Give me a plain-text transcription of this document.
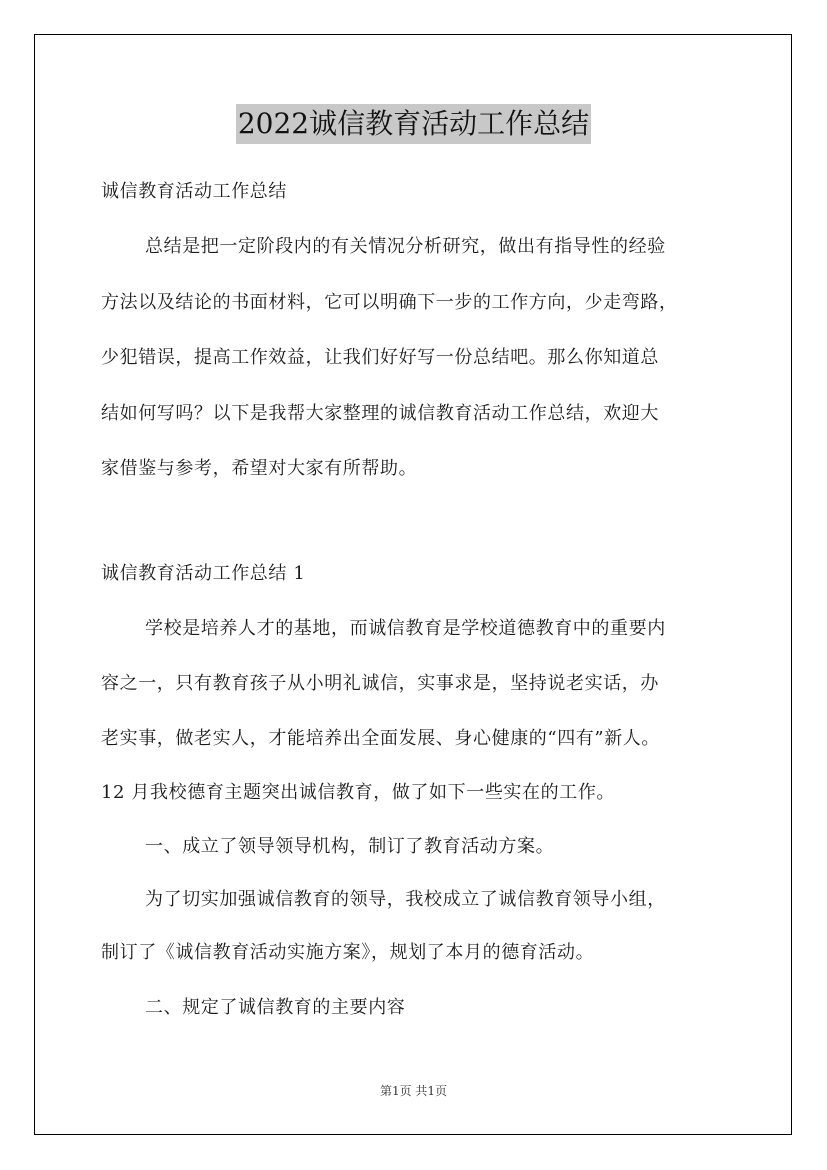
2022诚信教育活动工作总结
诚信教育活动工作总结
总结是把一定阶段内的有关情况分析研究，做出有指导性的经验
方法以及结论的书面材料，它可以明确下一步的工作方向，少走弯路，
少犯错误，提高工作效益，让我们好好写一份总结吧。那么你知道总
结如何写吗？以下是我帮大家整理的诚信教育活动工作总结，欢迎大
家借鉴与参考，希望对大家有所帮助。
诚信教育活动工作总结 1
学校是培养人才的基地，而诚信教育是学校道德教育中的重要内
容之一，只有教育孩子从小明礼诚信，实事求是，坚持说老实话，办
老实事，做老实人，才能培养出全面发展、身心健康的“四有”新人。
12 月我校德育主题突出诚信教育，做了如下一些实在的工作。
一、成立了领导领导机构，制订了教育活动方案。
为了切实加强诚信教育的领导，我校成立了诚信教育领导小组，
制订了《诚信教育活动实施方案》，规划了本月的德育活动。
二、规定了诚信教育的主要内容
第1页 共1页
